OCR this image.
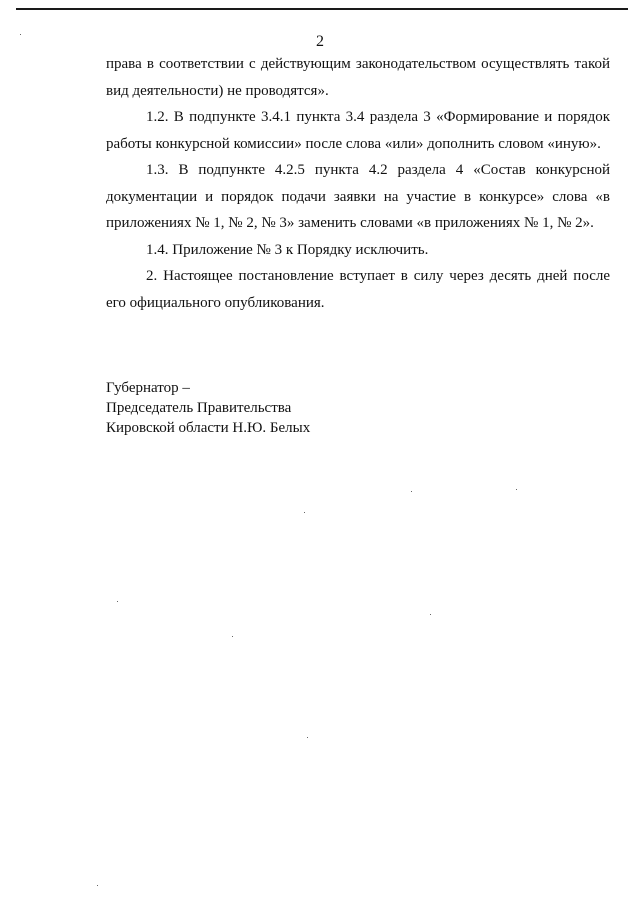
2

права в соответствии с действующим законодательством осуществлять такой вид деятельности) не проводятся».

1.2. В подпункте 3.4.1 пункта 3.4 раздела 3 «Формирование и порядок работы конкурсной комиссии» после слова «или» дополнить словом «иную».

1.3. В подпункте 4.2.5 пункта 4.2 раздела 4 «Состав конкурсной документации и порядок подачи заявки на участие в конкурсе» слова «в приложениях № 1, № 2, № 3» заменить словами «в приложениях № 1, № 2».

1.4. Приложение № 3 к Порядку исключить.

2. Настоящее постановление вступает в силу через десять дней после его официального опубликования.

Губернатор –
Председатель Правительства
Кировской области Н.Ю. Белых
